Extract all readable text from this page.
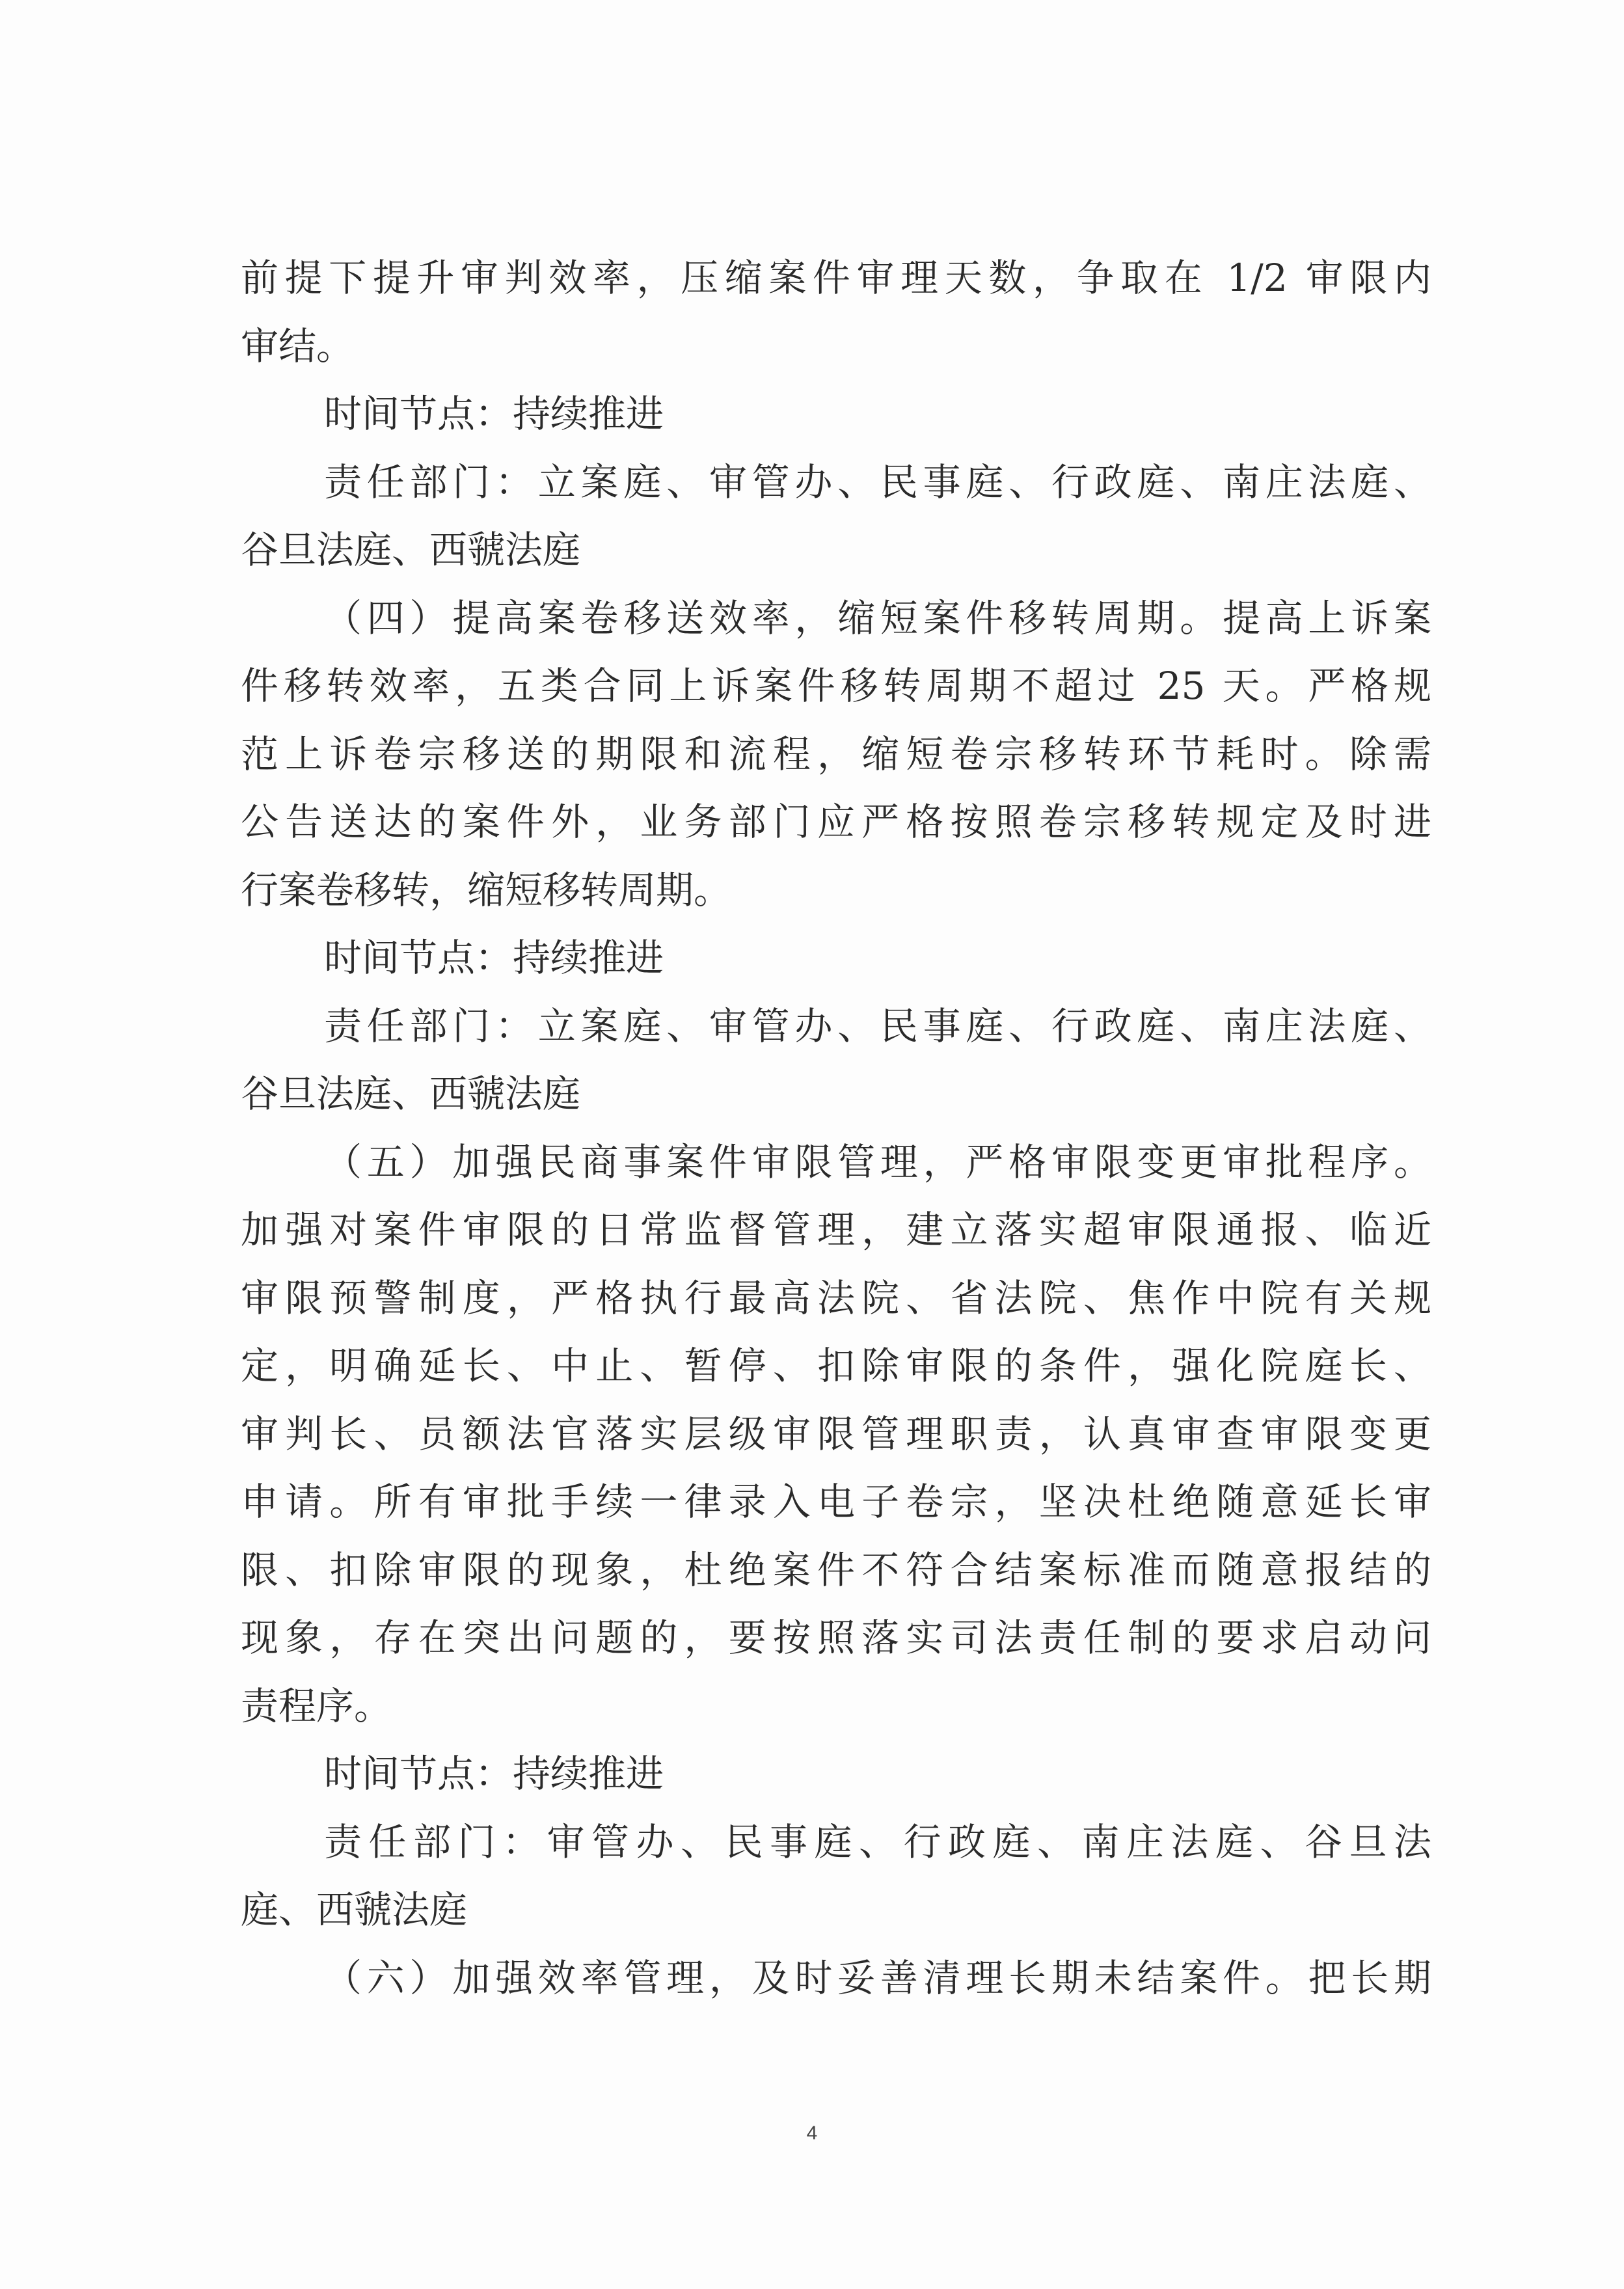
前提下提升审判效率，压缩案件审理天数，争取在 1/2 审限内
审结。
时间节点：持续推进
责任部门：立案庭、审管办、民事庭、行政庭、南庄法庭、
谷旦法庭、西虢法庭
（四）提高案卷移送效率，缩短案件移转周期。提高上诉案
件移转效率，五类合同上诉案件移转周期不超过 25 天。严格规
范上诉卷宗移送的期限和流程，缩短卷宗移转环节耗时。除需
公告送达的案件外，业务部门应严格按照卷宗移转规定及时进
行案卷移转，缩短移转周期。
时间节点：持续推进
责任部门：立案庭、审管办、民事庭、行政庭、南庄法庭、
谷旦法庭、西虢法庭
（五）加强民商事案件审限管理，严格审限变更审批程序。
加强对案件审限的日常监督管理，建立落实超审限通报、临近
审限预警制度，严格执行最高法院、省法院、焦作中院有关规
定，明确延长、中止、暂停、扣除审限的条件，强化院庭长、
审判长、员额法官落实层级审限管理职责，认真审查审限变更
申请。所有审批手续一律录入电子卷宗，坚决杜绝随意延长审
限、扣除审限的现象，杜绝案件不符合结案标准而随意报结的
现象，存在突出问题的，要按照落实司法责任制的要求启动问
责程序。
时间节点：持续推进
责任部门：审管办、民事庭、行政庭、南庄法庭、谷旦法
庭、西虢法庭
（六）加强效率管理，及时妥善清理长期未结案件。把长期
4
